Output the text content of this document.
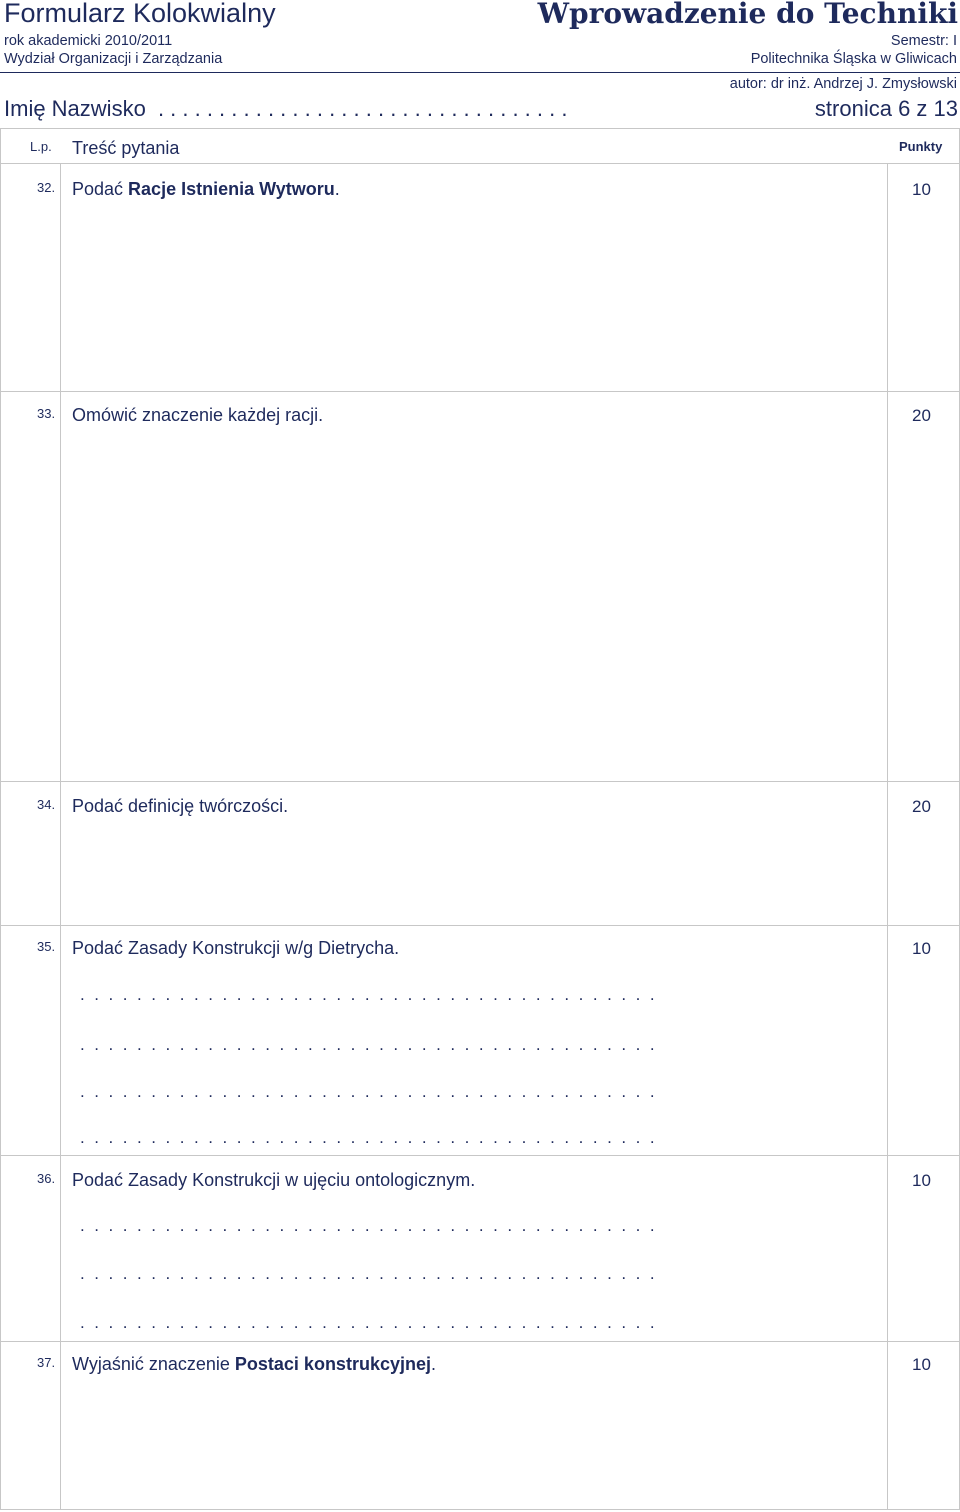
Formularz Kolokwialny	Wprowadzenie do Techniki
rok akademicki 2010/2011	Semestr: I
Wydział Organizacji i Zarządzania	Politechnika Śląska w Gliwicach
autor: dr inż. Andrzej J. Zmysłowski
Imię Nazwisko . . . . . . . . . . . . . . . . . . . . . . . . . . . . . . . . . .	stronica 6 z 13
L.p. Treść pytania	Punkty
32. Podać Racje Istnienia Wytworu.	10
33. Omówić znaczenie każdej racji.	20
34. Podać definicję twórczości.	20
35. Podać Zasady Konstrukcji w/g Dietrycha.	10
. . . . . . . . . . . . . . . . . . . . . . . . . . . . . . . . . . . . . . . . .
. . . . . . . . . . . . . . . . . . . . . . . . . . . . . . . . . . . . . . . . .
. . . . . . . . . . . . . . . . . . . . . . . . . . . . . . . . . . . . . . . . .
. . . . . . . . . . . . . . . . . . . . . . . . . . . . . . . . . . . . . . . . .
36. Podać Zasady Konstrukcji w ujęciu ontologicznym.	10
. . . . . . . . . . . . . . . . . . . . . . . . . . . . . . . . . . . . . . . . .
. . . . . . . . . . . . . . . . . . . . . . . . . . . . . . . . . . . . . . . . .
. . . . . . . . . . . . . . . . . . . . . . . . . . . . . . . . . . . . . . . . .
37. Wyjaśnić znaczenie Postaci konstrukcyjnej.	10
